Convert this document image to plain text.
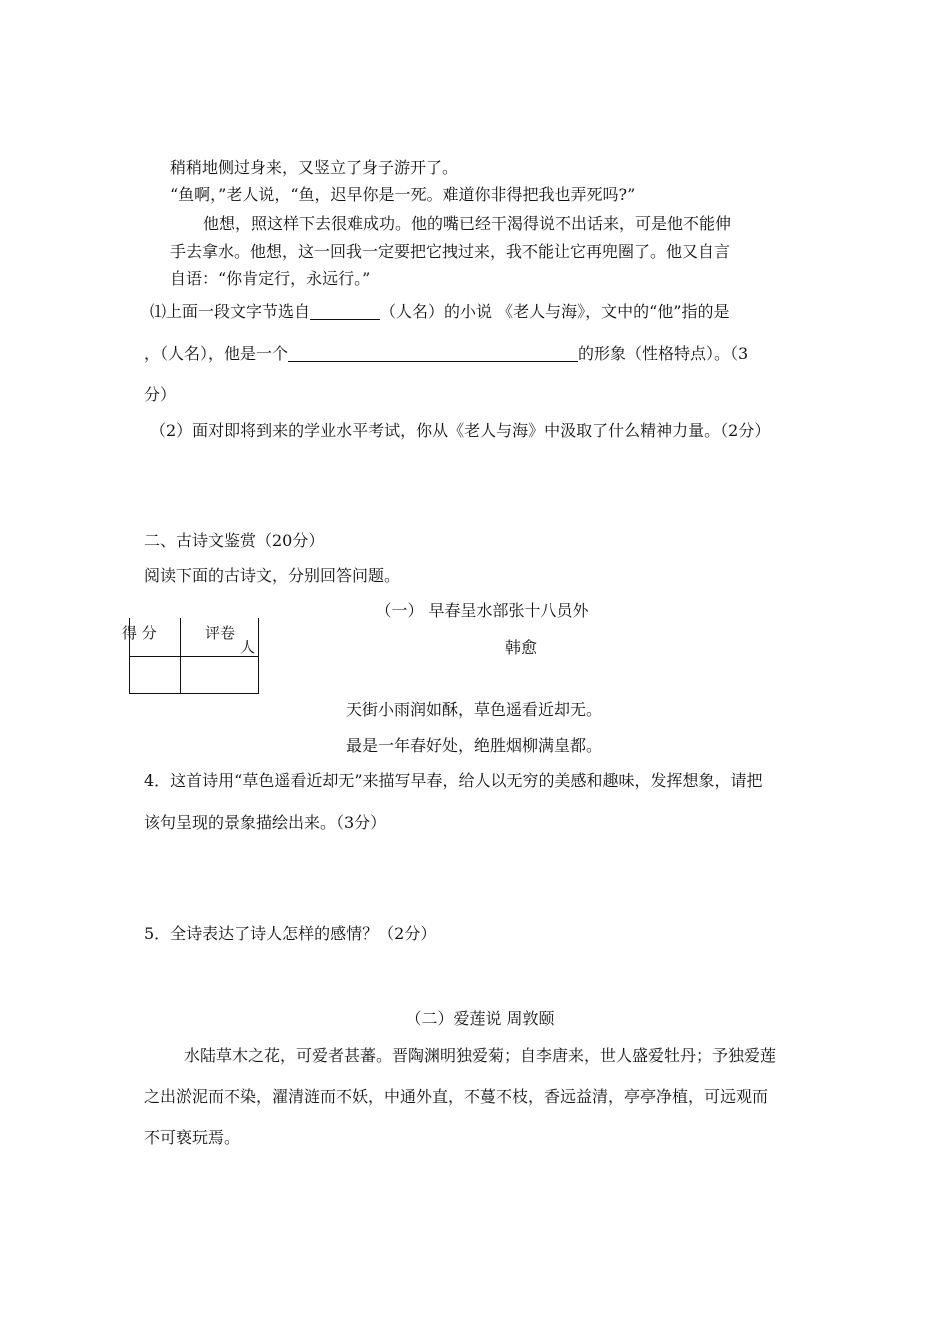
稍稍地侧过身来，又竖立了身子游开了。
“鱼啊，”老人说，“鱼，迟早你是一死。难道你非得把我也弄死吗?”
他想，照这样下去很难成功。他的嘴已经干渴得说不出话来，可是他不能伸
手去拿水。他想，这一回我一定要把它拽过来，我不能让它再兜圈了。他又自言
自语：“你肯定行，永远行。”
⑴上面一段文字节选自	（人名）的小说 《老人与海》，文中的“他”指的是
，（人名），他是一个	的形象（性格特点）。（3
分）
（2）面对即将到来的学业水平考试，你从《老人与海》中汲取了什么精神力量。（2分）
二、古诗文鉴赏（20分）
阅读下面的古诗文，分别回答问题。
得 分	评卷
人
（一） 早春呈水部张十八员外
韩愈
天街小雨润如酥，草色遥看近却无。
最是一年春好处，绝胜烟柳满皇都。
4．这首诗用“草色遥看近却无”来描写早春，给人以无穷的美感和趣味，发挥想象，请把
该句呈现的景象描绘出来。（3分）
5．全诗表达了诗人怎样的感情？（2分）
（二）爱莲说 周敦颐
水陆草木之花，可爱者甚蕃。晋陶渊明独爱菊；自李唐来，世人盛爱牡丹；予独爱莲
之出淤泥而不染，濯清涟而不妖，中通外直，不蔓不枝，香远益清，亭亭净植，可远观而
不可亵玩焉。
